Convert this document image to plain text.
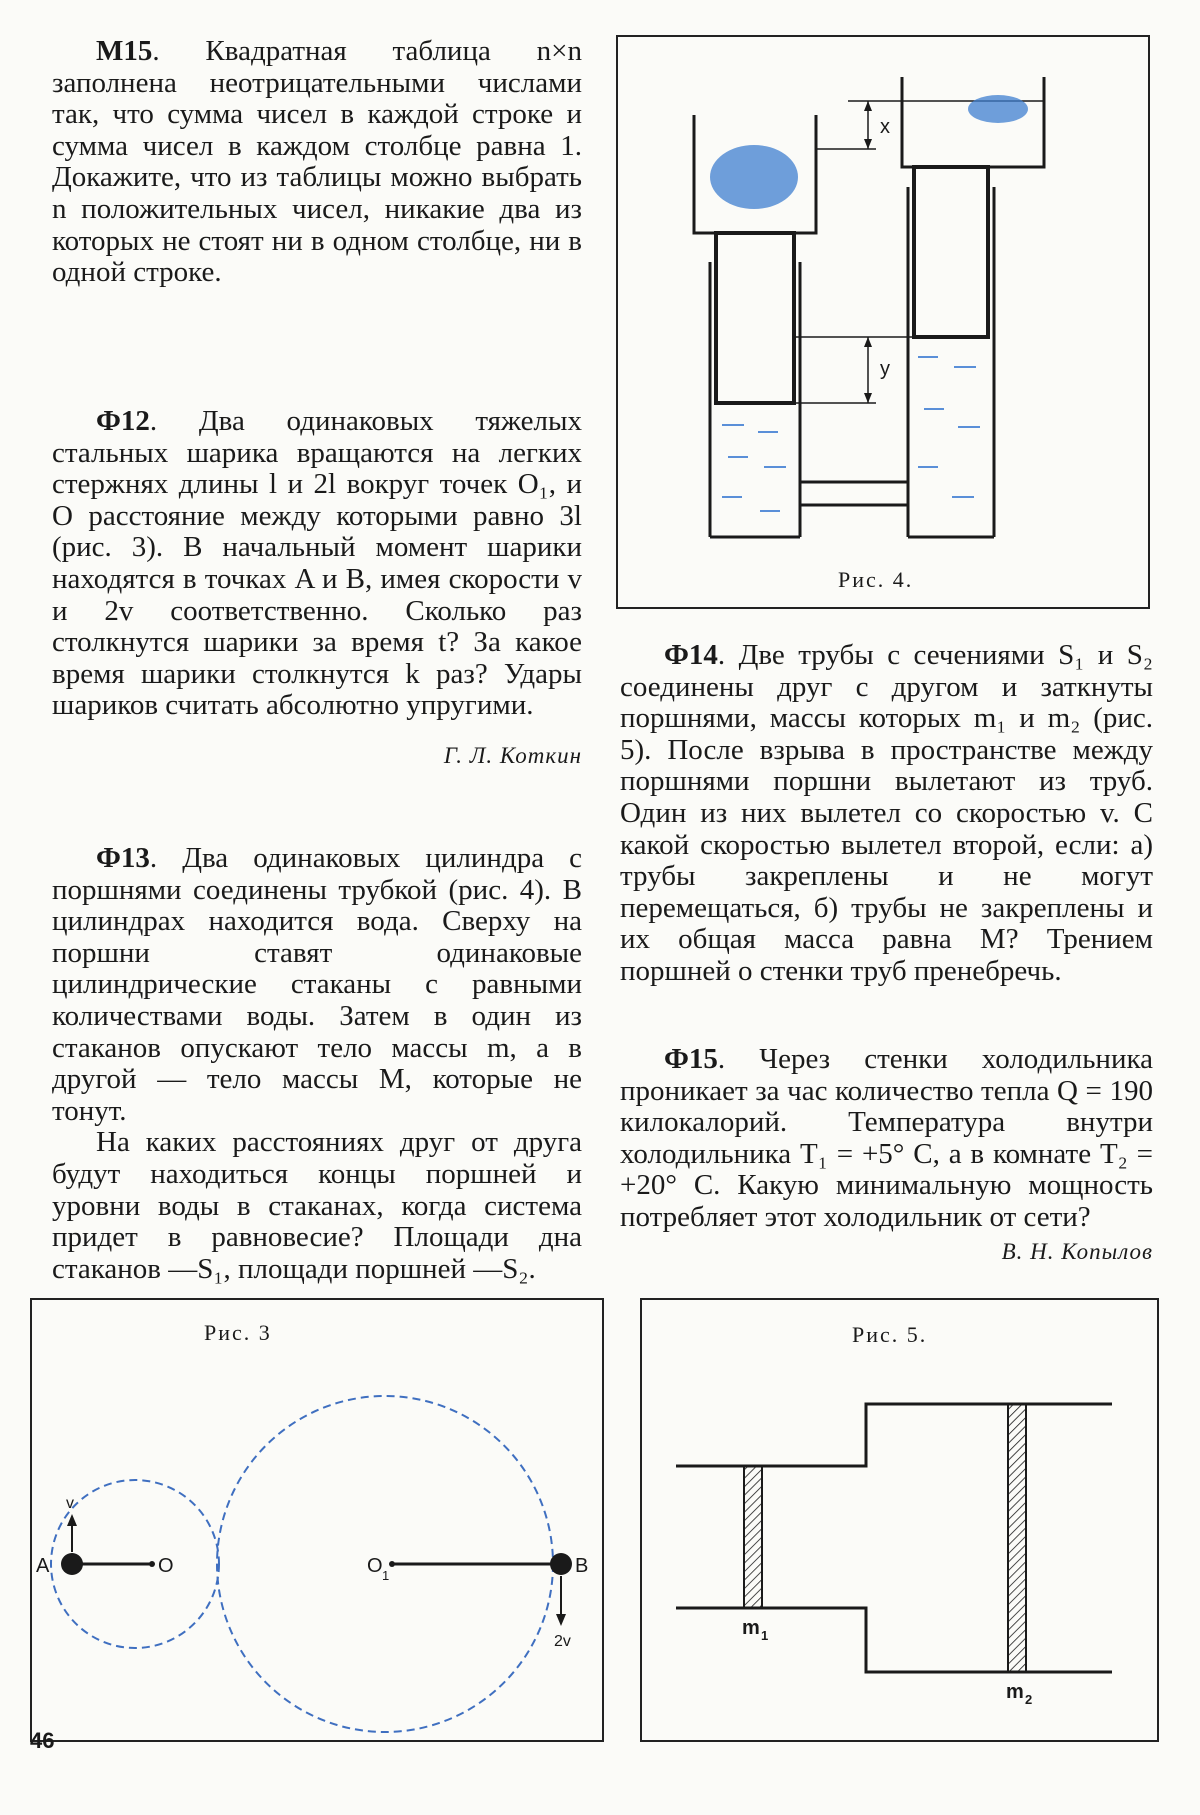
М15. Квадратная таблица n×n заполнена неотрицательными числами так, что сумма чисел в каждой строке и сумма чисел в каждом столбце равна 1. Докажите, что из таблицы можно выбрать n положительных чисел, никакие два из которых не стоят ни в одном столбце, ни в одной строке.

Ф12. Два одинаковых тяжелых стальных шарика вращаются на легких стержнях длины l и 2l вокруг точек O₁, и O расстояние между которыми равно 3l (рис. 3). В начальный момент шарики находятся в точках A и B, имея скорости v и 2v соответственно. Сколько раз столкнутся шарики за время t? За какое время шарики столкнутся k раз? Удары шариков считать абсолютно упругими.

Г. Л. Коткин

Ф13. Два одинаковых цилиндра с поршнями соединены трубкой (рис. 4). В цилиндрах находится вода. Сверху на поршни ставят одинаковые цилиндрические стаканы с равными количествами воды. Затем в один из стаканов опускают тело массы m, а в другой — тело массы M, которые не тонут.

На каких расстояниях друг от друга будут находиться концы поршней и уровни воды в стаканах, когда система придет в равновесие? Площади дна стаканов —S₁, площади поршней —S₂.

Ф14. Две трубы с сечениями S₁ и S₂ соединены друг с другом и заткнуты поршнями, массы которых m₁ и m₂ (рис. 5). После взрыва в пространстве между поршнями поршни вылетают из труб. Один из них вылетел со скоростью v. С какой скоростью вылетел второй, если: а) трубы закреплены и не могут перемещаться, б) трубы не закреплены и их общая масса равна M? Трением поршней о стенки труб пренебречь.

Ф15. Через стенки холодильника проникает за час количество тепла Q = 190 килокалорий. Температура внутри холодильника T₁ = +5° C, а в комнате T₂ = +20° C. Какую минимальную мощность потребляет этот холодильник от сети?

В. Н. Копылов

x
y
Рис. 4.
A	O	O 1	B
v
2v
Рис. 3
m 1
m 2
Рис. 5.
46
